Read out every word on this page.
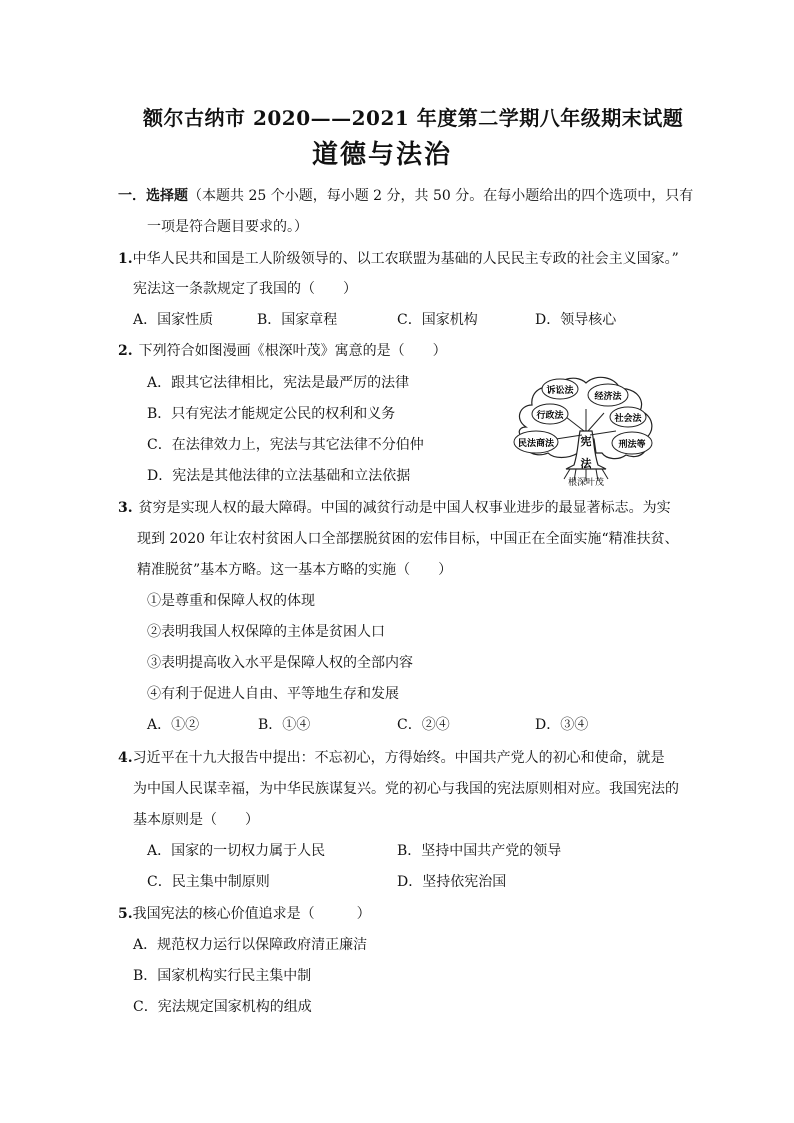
额尔古纳市 2020——2021 年度第二学期八年级期末试题
道德与法治
一．选择题（本题共 25 个小题，每小题 2 分，共 50 分。在每小题给出的四个选项中，只有
一项是符合题目要求的。）
1.中华人民共和国是工人阶级领导的、以工农联盟为基础的人民民主专政的社会主义国家。”
宪法这一条款规定了我国的（　　）
A．国家性质	B．国家章程	C．国家机构	D．领导核心
2. 下列符合如图漫画《根深叶茂》寓意的是（　　）
A．跟其它法律相比，宪法是最严厉的法律
B．只有宪法才能规定公民的权利和义务
C．在法律效力上，宪法与其它法律不分伯仲
D．宪法是其他法律的立法基础和立法依据
诉讼法
经济法
行政法	社会法
民法商法	刑法等
宪
法
根深叶茂
3. 贫穷是实现人权的最大障碍。中国的减贫行动是中国人权事业进步的最显著标志。为实
现到 2020 年让农村贫困人口全部摆脱贫困的宏伟目标，中国正在全面实施“精准扶贫、
精准脱贫”基本方略。这一基本方略的实施（　　）
①是尊重和保障人权的体现
②表明我国人权保障的主体是贫困人口
③表明提高收入水平是保障人权的全部内容
④有利于促进人自由、平等地生存和发展
A．①②	B．①④	C．②④	D．③④
4.习近平在十九大报告中提出：不忘初心，方得始终。中国共产党人的初心和使命，就是
为中国人民谋幸福，为中华民族谋复兴。党的初心与我国的宪法原则相对应。我国宪法的
基本原则是（　　）
A．国家的一切权力属于人民	B．坚持中国共产党的领导
C．民主集中制原则	D．坚持依宪治国
5.我国宪法的核心价值追求是（　　　）
A．规范权力运行以保障政府清正廉洁
B．国家机构实行民主集中制
C．宪法规定国家机构的组成
